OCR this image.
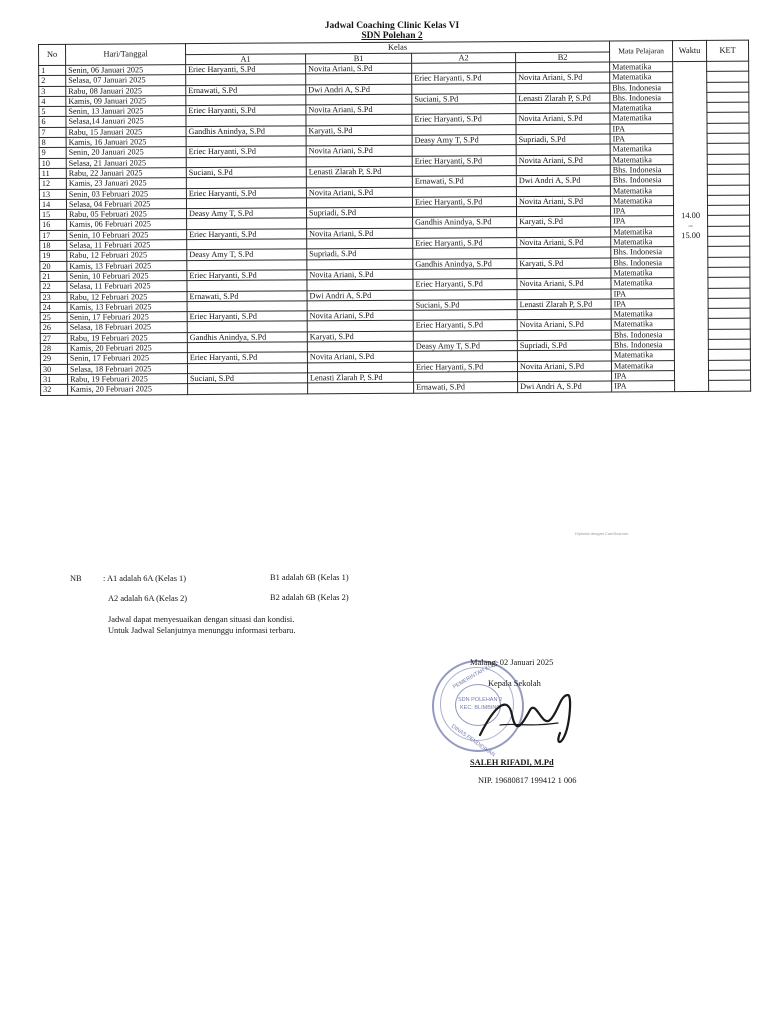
Jadwal Coaching Clinic Kelas VI
SDN Polehan 2
No	Hari/Tanggal	Kelas				Mata Pelajaran	Waktu	KET
		A1	B1	A2	B2			
1	Senin, 06 Januari 2025	Eriec Haryanti, S.Pd	Novita Ariani, S.Pd			Matematika	14.00
–
15.00	

2	Selasa, 07 Januari 2025			Eriec Haryanti, S.Pd	Novita Ariani, S.Pd	Matematika		
3	Rabu, 08 Januari 2025	Ernawati, S.Pd	Dwi Andri A, S.Pd			Bhs. Indonesia		
4	Kamis, 09 Januari 2025			Suciani, S.Pd	Lenasti Zlarah P, S.Pd	Bhs. Indonesia		
5	Senin, 13 Januari 2025	Eriec Haryanti, S.Pd	Novita Ariani, S.Pd			Matematika		
6	Selasa,14 Januari 2025			Eriec Haryanti, S.Pd	Novita Ariani, S.Pd	Matematika		
7	Rabu, 15 Januari 2025	Gandhis Anindya, S.Pd	Karyati, S.Pd			IPA		
8	Kamis, 16 Januari 2025			Deasy Amy T, S.Pd	Supriadi, S.Pd	IPA		
9	Senin, 20 Januari 2025	Eriec Haryanti, S.Pd	Novita Ariani, S.Pd			Matematika		
10	Selasa, 21 Januari 2025			Eriec Haryanti, S.Pd	Novita Ariani, S.Pd	Matematika		
11	Rabu, 22 Januari 2025	Suciani, S.Pd	Lenasti Zlarah P, S.Pd			Bhs. Indonesia		
12	Kamis, 23 Januari 2025			Ernawati, S.Pd	Dwi Andri A, S.Pd	Bhs. Indonesia		
13	Senin, 03 Februari 2025	Eriec Haryanti, S.Pd	Novita Ariani, S.Pd			Matematika		
14	Selasa, 04 Februari 2025			Eriec Haryanti, S.Pd	Novita Ariani, S.Pd	Matematika		
15	Rabu, 05 Februari 2025	Deasy Amy T, S.Pd	Supriadi, S.Pd			IPA		
16	Kamis, 06 Februari 2025			Gandhis Anindya, S.Pd	Karyati, S.Pd	IPA		
17	Senin, 10 Februari 2025	Eriec Haryanti, S.Pd	Novita Ariani, S.Pd			Matematika		
18	Selasa, 11 Februari 2025			Eriec Haryanti, S.Pd	Novita Ariani, S.Pd	Matematika		
19	Rabu, 12 Februari 2025	Deasy Amy T, S.Pd	Supriadi, S.Pd			Bhs. Indonesia		
20	Kamis, 13 Februari 2025			Gandhis Anindya, S.Pd	Karyati, S.Pd	Bhs. Indonesia		
21	Senin, 10 Februari 2025	Eriec Haryanti, S.Pd	Novita Ariani, S.Pd			Matematika		
22	Selasa, 11 Februari 2025			Eriec Haryanti, S.Pd	Novita Ariani, S.Pd	Matematika		
23	Rabu, 12 Februari 2025	Ernawati, S.Pd	Dwi Andri A, S.Pd			IPA		
24	Kamis, 13 Februari 2025			Suciani, S.Pd	Lenasti Zlarah P, S.Pd	IPA		
25	Senin, 17 Februari 2025	Eriec Haryanti, S.Pd	Novita Ariani, S.Pd			Matematika		
26	Selasa, 18 Februari 2025			Eriec Haryanti, S.Pd	Novita Ariani, S.Pd	Matematika		
27	Rabu, 19 Februari 2025	Gandhis Anindya, S.Pd	Karyati, S.Pd			Bhs. Indonesia		
28	Kamis, 20 Februari 2025			Deasy Amy T, S.Pd	Supriadi, S.Pd	Bhs. Indonesia		
29	Senin, 17 Februari 2025	Eriec Haryanti, S.Pd	Novita Ariani, S.Pd			Matematika		
30	Selasa, 18 Februari 2025			Eriec Haryanti, S.Pd	Novita Ariani, S.Pd	Matematika		
31	Rabu, 19 Februari 2025	Suciani, S.Pd	Lenasti Zlarah P, S.Pd			IPA		
32	Kamis, 20 Februari 2025			Ernawati, S.Pd	Dwi Andri A, S.Pd	IPA		
Dipindai dengan CamScanner
NB	: A1 adalah 6A (Kelas 1)	B1 adalah 6B (Kelas 1)
A2 adalah 6A (Kelas 2)	B2 adalah 6B (Kelas 2)
Jadwal dapat menyesuaikan dengan situasi dan kondisi.
Untuk Jadwal Selanjutnya menunggu informasi terbaru.
PEMERINTAH KOTA
SDN POLEHAN 2
KEC. BLIMBING
DINAS PENDIDIKAN
Malang, 02 Januari 2025
Kepala Sekolah
SALEH RIFADI, M.Pd
NIP. 19680817 199412 1 006
